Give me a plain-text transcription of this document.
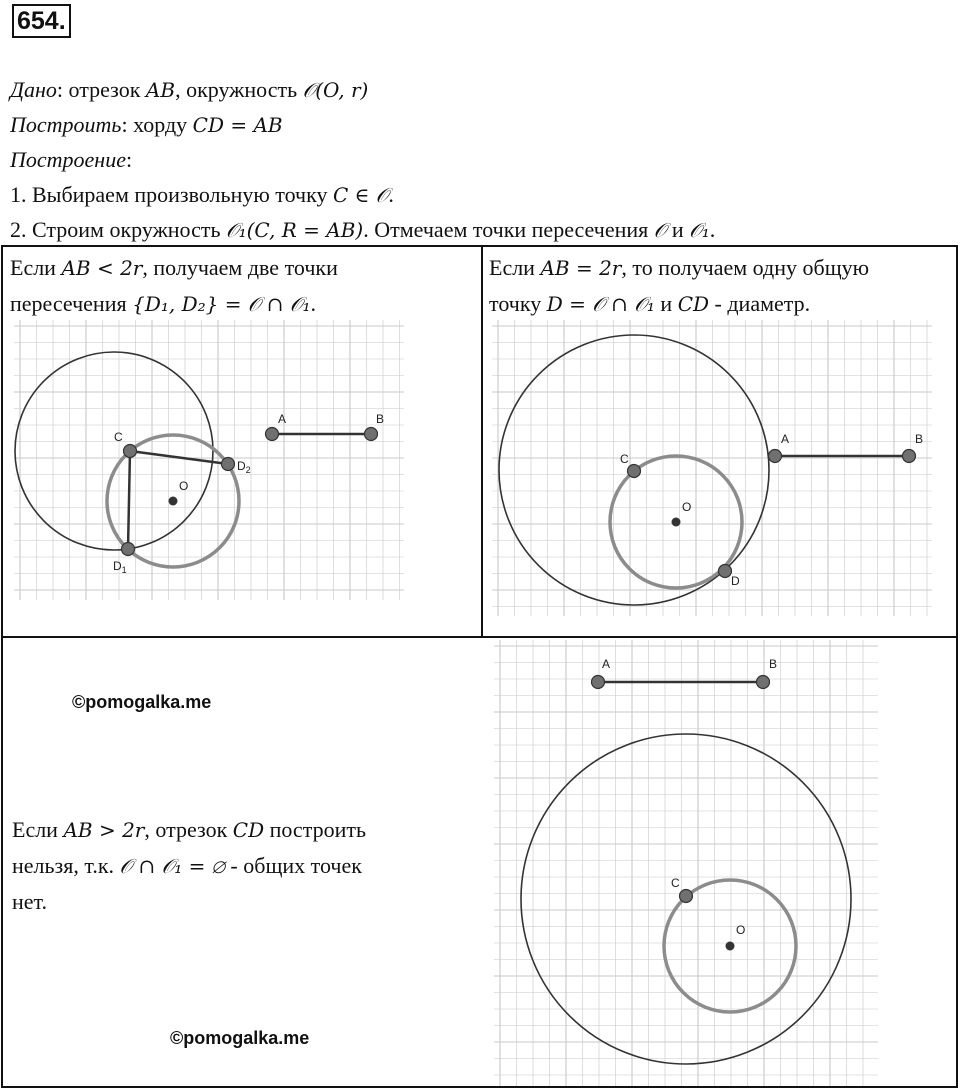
654.
Дано: отрезок AB, окружность 𝒪(O, r)
Построить: хорду CD = AB
Построение:
1. Выбираем произвольную точку C ∈ 𝒪.
2. Строим окружность 𝒪₁(C, R = AB). Отмечаем точки пересечения 𝒪 и 𝒪₁.
Если AB < 2r, получаем две точки
пересечения {D₁, D₂} = 𝒪 ∩ 𝒪₁.
Если AB = 2r, то получаем одну общую
точку D = 𝒪 ∩ 𝒪₁ и CD - диаметр.
Если AB > 2r, отрезок CD построить
нельзя, т.к. 𝒪 ∩ 𝒪₁ = ∅ - общих точек
нет.
©pomogalka.me
©pomogalka.me
A	B
C
O
$D_2$
$D_1$
A	B
C
O
D
A	B
C
O
